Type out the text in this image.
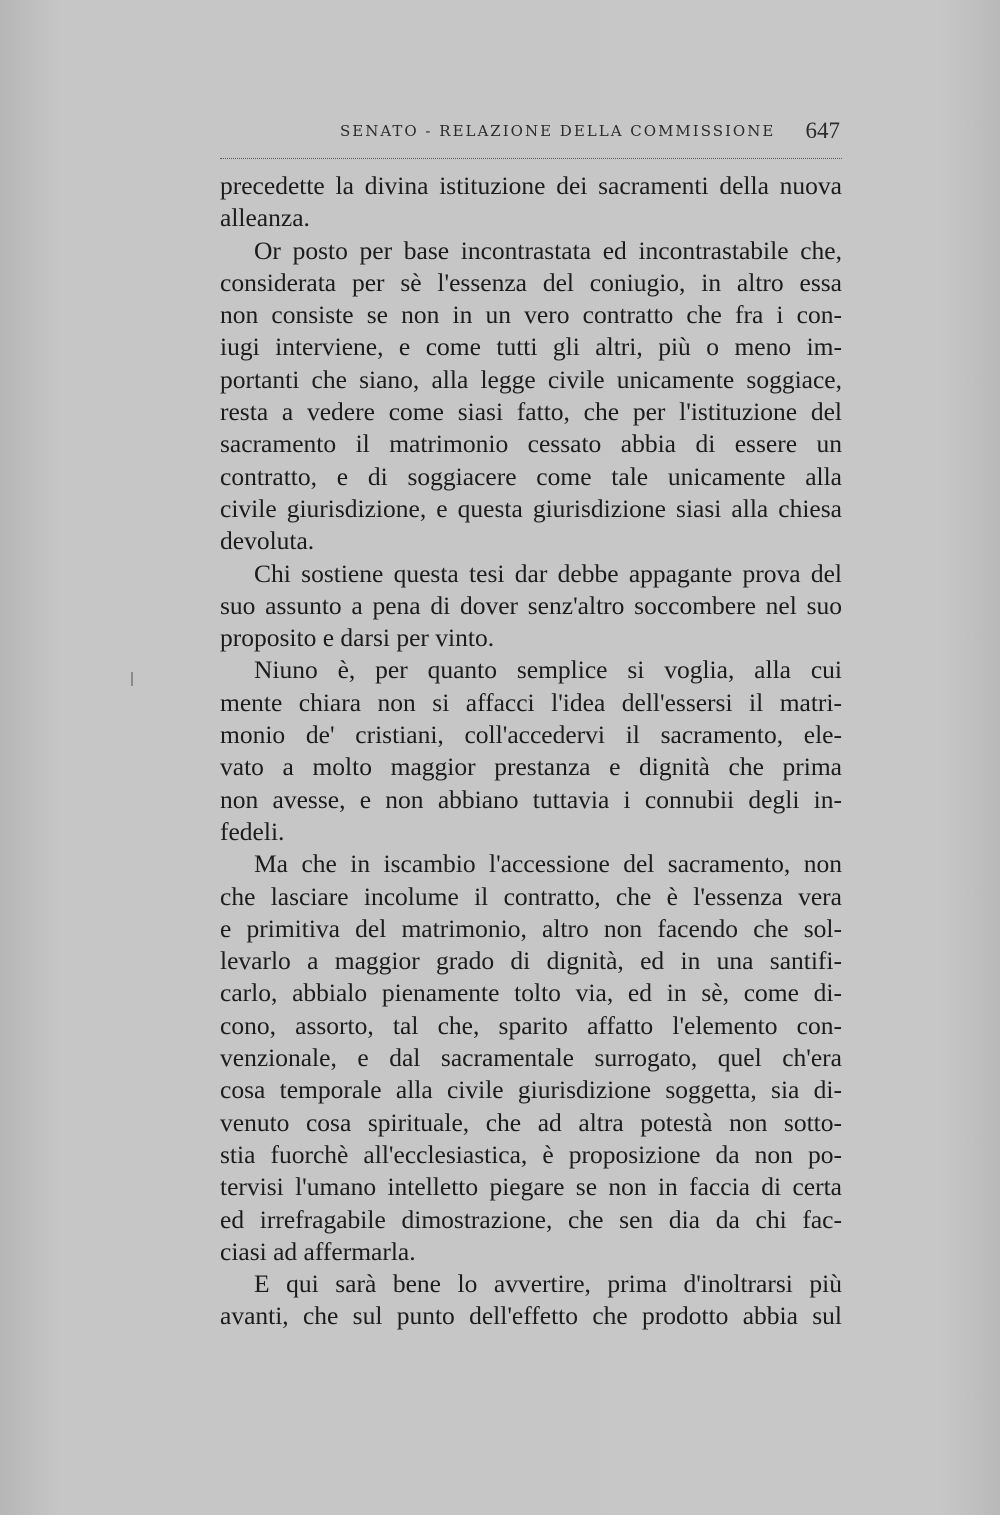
SENATO - RELAZIONE DELLA COMMISSIONE 647
precedette la divina istituzione dei sacramenti della nuova
alleanza.
Or posto per base incontrastata ed incontrastabile che,
considerata per sè l'essenza del coniugio, in altro essa
non consiste se non in un vero contratto che fra i con-
iugi interviene, e come tutti gli altri, più o meno im-
portanti che siano, alla legge civile unicamente soggiace,
resta a vedere come siasi fatto, che per l'istituzione del
sacramento il matrimonio cessato abbia di essere un
contratto, e di soggiacere come tale unicamente alla
civile giurisdizione, e questa giurisdizione siasi alla chiesa
devoluta.
Chi sostiene questa tesi dar debbe appagante prova del
suo assunto a pena di dover senz'altro soccombere nel suo
proposito e darsi per vinto.
Niuno è, per quanto semplice si voglia, alla cui
mente chiara non si affacci l'idea dell'essersi il matri-
monio de' cristiani, coll'accedervi il sacramento, ele-
vato a molto maggior prestanza e dignità che prima
non avesse, e non abbiano tuttavia i connubii degli in-
fedeli.
Ma che in iscambio l'accessione del sacramento, non
che lasciare incolume il contratto, che è l'essenza vera
e primitiva del matrimonio, altro non facendo che sol-
levarlo a maggior grado di dignità, ed in una santifi-
carlo, abbialo pienamente tolto via, ed in sè, come di-
cono, assorto, tal che, sparito affatto l'elemento con-
venzionale, e dal sacramentale surrogato, quel ch'era
cosa temporale alla civile giurisdizione soggetta, sia di-
venuto cosa spirituale, che ad altra potestà non sotto-
stia fuorchè all'ecclesiastica, è proposizione da non po-
tervisi l'umano intelletto piegare se non in faccia di certa
ed irrefragabile dimostrazione, che sen dia da chi fac-
ciasi ad affermarla.
E qui sarà bene lo avvertire, prima d'inoltrarsi più
avanti, che sul punto dell'effetto che prodotto abbia sul
